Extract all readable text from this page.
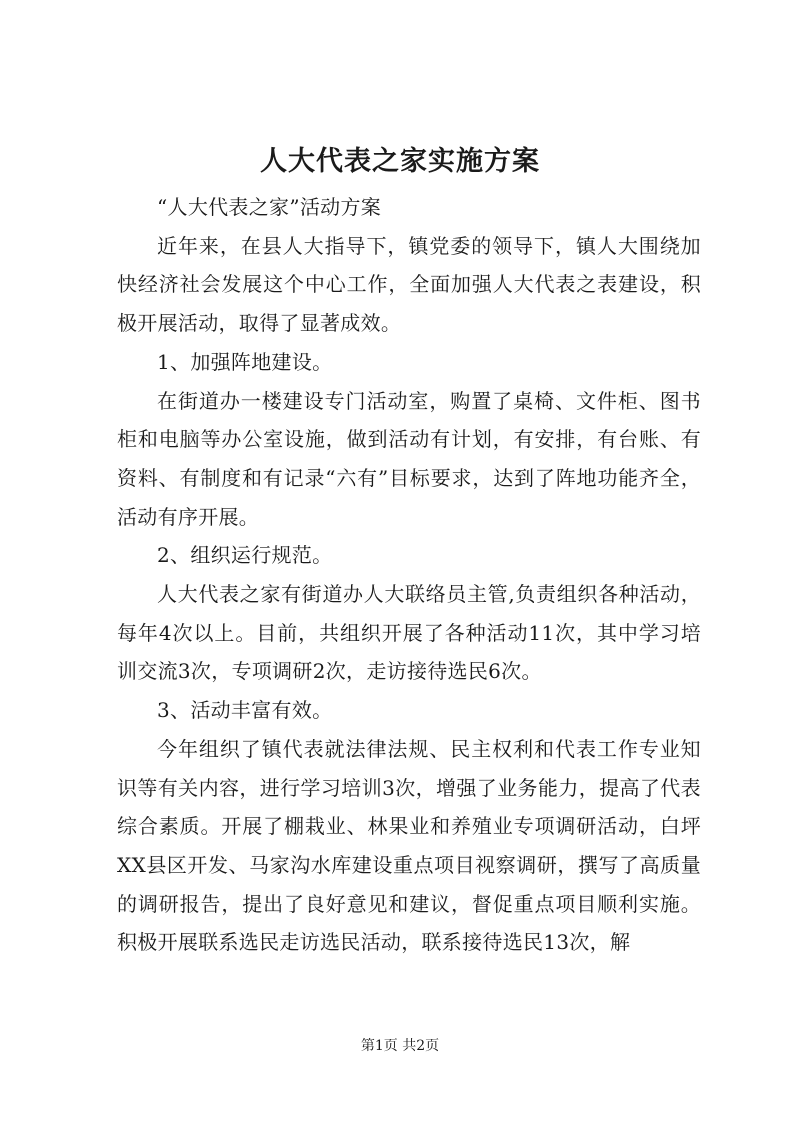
人大代表之家实施方案

“人大代表之家”活动方案

近年来，在县人大指导下，镇党委的领导下，镇人大围绕加快经济社会发展这个中心工作，全面加强人大代表之表建设，积极开展活动，取得了显著成效。

1、加强阵地建设。

在街道办一楼建设专门活动室，购置了桌椅、文件柜、图书柜和电脑等办公室设施，做到活动有计划，有安排，有台账、有资料、有制度和有记录“六有”目标要求，达到了阵地功能齐全，活动有序开展。

2、组织运行规范。

人大代表之家有街道办人大联络员主管,负责组织各种活动，每年4次以上。目前，共组织开展了各种活动11次，其中学习培训交流3次，专项调研2次，走访接待选民6次。

3、活动丰富有效。

今年组织了镇代表就法律法规、民主权利和代表工作专业知识等有关内容，进行学习培训3次，增强了业务能力，提高了代表综合素质。开展了棚栽业、林果业和养殖业专项调研活动，白坪XX县区开发、马家沟水库建设重点项目视察调研，撰写了高质量的调研报告，提出了良好意见和建议，督促重点项目顺利实施。积极开展联系选民走访选民活动，联系接待选民13次，解

第1页 共2页
